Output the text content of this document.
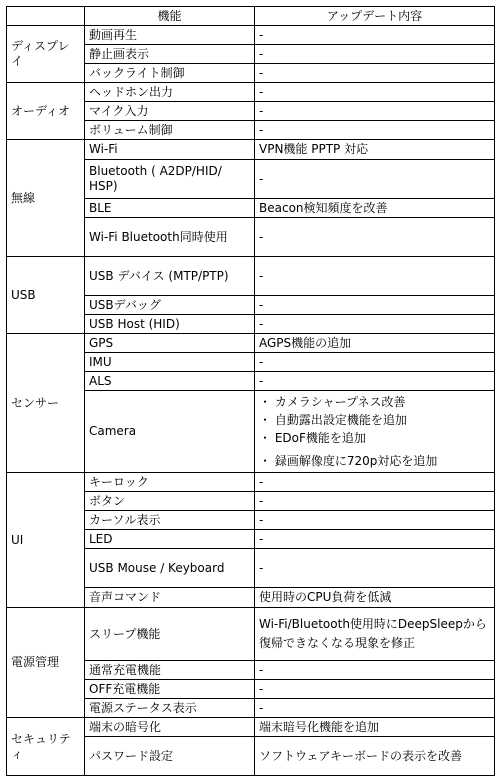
	機能	アップデート内容
ディスプレイ	動画再生	-
	静止画表示	-
	バックライト制御	-
オーディオ	ヘッドホン出力	-
	マイク入力	-
	ボリューム制御	-
無線	Wi-Fi	VPN機能 PPTP 対応
	Bluetooth ( A2DP/HID/ HSP)	-
	BLE	Beacon検知頻度を改善
	Wi-Fi Bluetooth同時使用	-
USB	USB デバイス (MTP/PTP)	-
	USBデバッグ	-
	USB Host (HID)	-
センサー	GPS	AGPS機能の追加
	IMU	-
	ALS	-
	Camera	・ カメラシャープネス改善
・ 自動露出設定機能を追加
・ EDoF機能を追加
・ 録画解像度に720p対応を追加

UI	キーロック	-
	ボタン	-
	カーソル表示	-
	LED	-
	USB Mouse / Keyboard	-
	音声コマンド	使用時のCPU負荷を低減
電源管理	スリープ機能	Wi-Fi/Bluetooth使用時にDeepSleepから復帰できなくなる現象を修正
	通常充電機能	-
	OFF充電機能	-
	電源ステータス表示	-
セキュリティ	端末の暗号化	端末暗号化機能を追加
	パスワード設定	ソフトウェアキーボードの表示を改善
